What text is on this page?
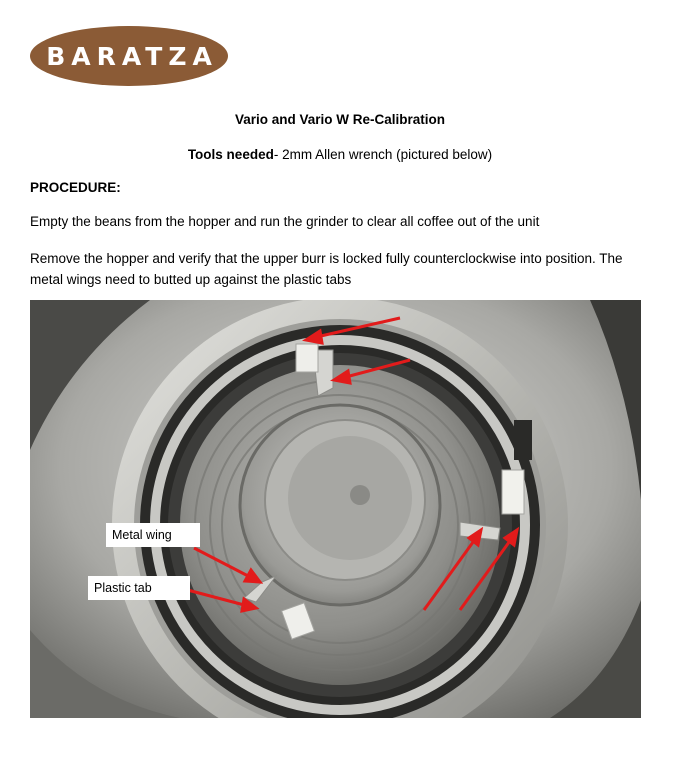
BARATZA
Vario and Vario W Re-Calibration
Tools needed- 2mm Allen wrench (pictured below)
PROCEDURE:
Empty the beans from the hopper and run the grinder to clear all coffee out of the unit
Remove the hopper and verify that the upper burr is locked fully counterclockwise into position. The metal wings need to butted up against the plastic tabs
Metal wing
Plastic tab
